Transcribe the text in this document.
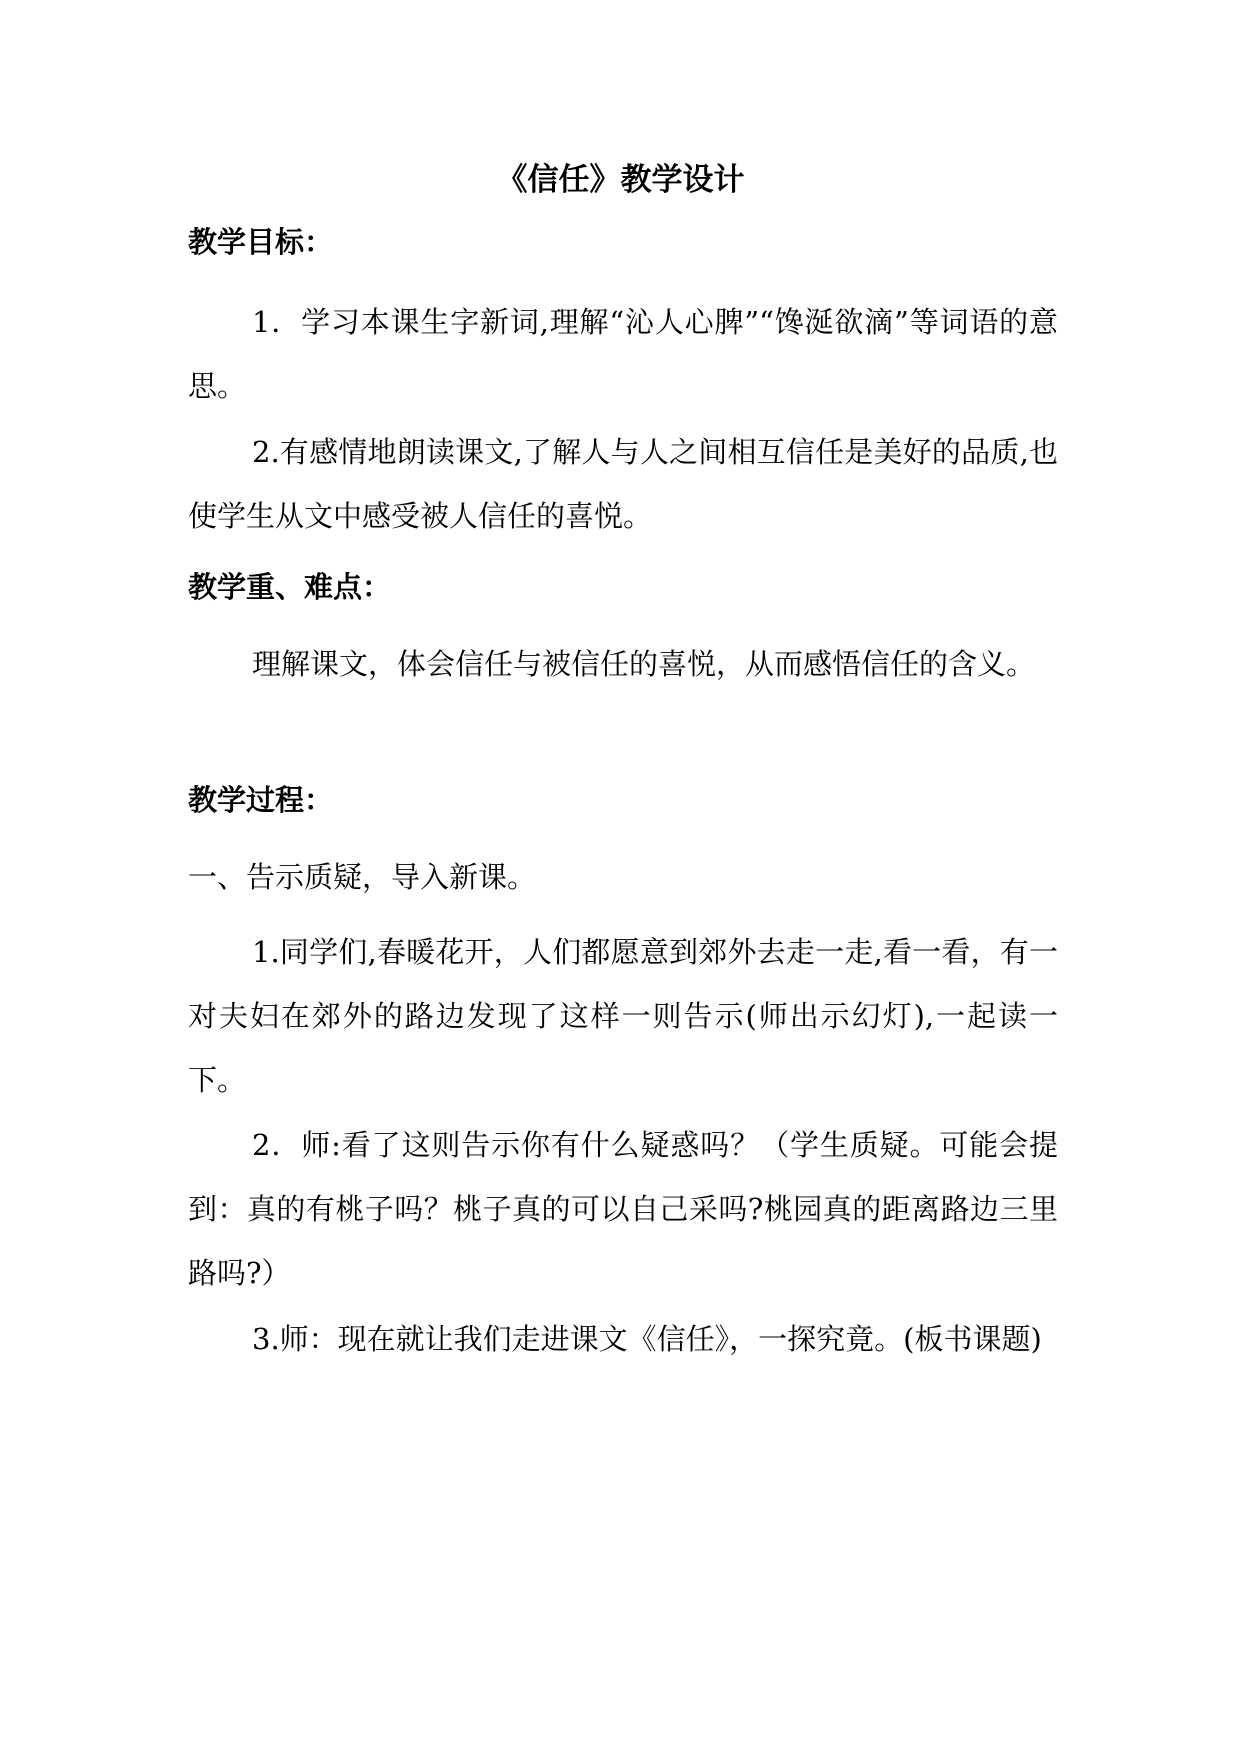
《信任》教学设计
教学目标：

1．学习本课生字新词,理解“沁人心脾”“馋涎欲滴”等词语的意思。

2.有感情地朗读课文,了解人与人之间相互信任是美好的品质,也使学生从文中感受被人信任的喜悦。

教学重、难点：

理解课文，体会信任与被信任的喜悦，从而感悟信任的含义。

教学过程：

一、告示质疑，导入新课。

1.同学们,春暖花开，人们都愿意到郊外去走一走,看一看，有一对夫妇在郊外的路边发现了这样一则告示(师出示幻灯),一起读一下。

2．师:看了这则告示你有什么疑惑吗？（学生质疑。可能会提到：真的有桃子吗？桃子真的可以自己采吗?桃园真的距离路边三里路吗?）

3.师：现在就让我们走进课文《信任》，一探究竟。(板书课题)
